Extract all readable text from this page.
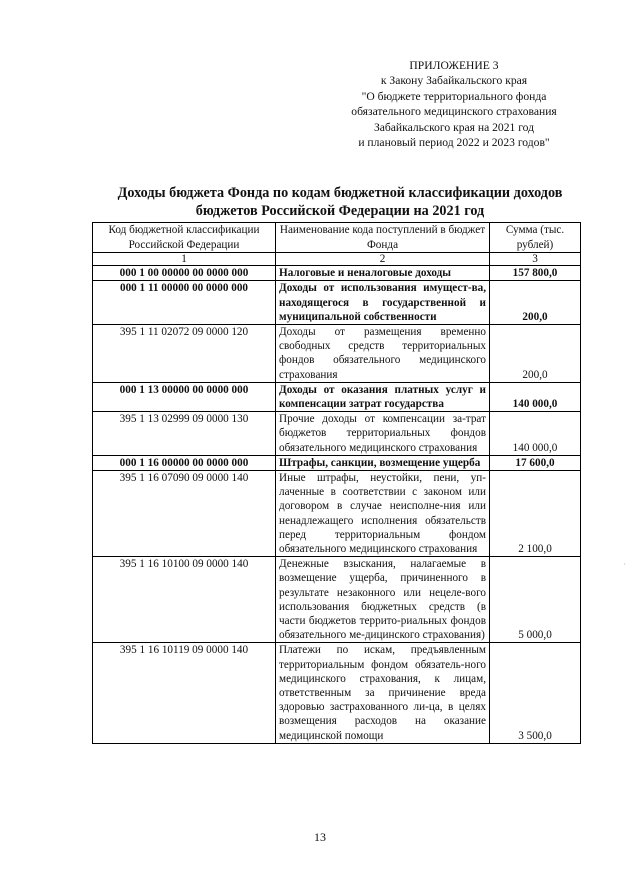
ПРИЛОЖЕНИЕ 3
к Закону Забайкальского края
"О бюджете территориального фонда
обязательного медицинского страхования
Забайкальского края на 2021 год
и плановый период 2022 и 2023 годов"
Доходы бюджета Фонда по кодам бюджетной классификации доходов
бюджетов Российской Федерации на 2021 год
Код бюджетной классификации Российской Федерации	Наименование кода поступлений в бюджет Фонда	Сумма (тыс. рублей)
1	2	3
000 1 00 00000 00 0000 000	Налоговые и неналоговые доходы	157 800,0
000 1 11 00000 00 0000 000	Доходы от использования имущест-ва, находящегося в государственной и муниципальной собственности	200,0
395 1 11 02072 09 0000 120	Доходы от размещения временно свободных средств территориальных фондов обязательного медицинского страхования	200,0
000 1 13 00000 00 0000 000	Доходы от оказания платных услуг и компенсации затрат государства	140 000,0
395 1 13 02999 09 0000 130	Прочие доходы от компенсации за-трат бюджетов территориальных фондов обязательного медицинского страхования	140 000,0
000 1 16 00000 00 0000 000	Штрафы, санкции, возмещение ущерба	17 600,0
395 1 16 07090 09 0000 140	Иные штрафы, неустойки, пени, уп-лаченные в соответствии с законом или договором в случае неисполне-ния или ненадлежащего исполнения обязательств перед территориальным фондом обязательного медицинского страхования	2 100,0
395 1 16 10100 09 0000 140	Денежные взыскания, налагаемые в возмещение ущерба, причиненного в результате незаконного или нецеле-вого использования бюджетных средств (в части бюджетов террито-риальных фондов обязательного ме-дицинского страхования)	5 000,0
395 1 16 10119 09 0000 140	Платежи по искам, предъявленным территориальным фондом обязатель-ного медицинского страхования, к лицам, ответственным за причинение вреда здоровью застрахованного ли-ца, в целях возмещения расходов на оказание медицинской помощи	3 500,0
·
13
